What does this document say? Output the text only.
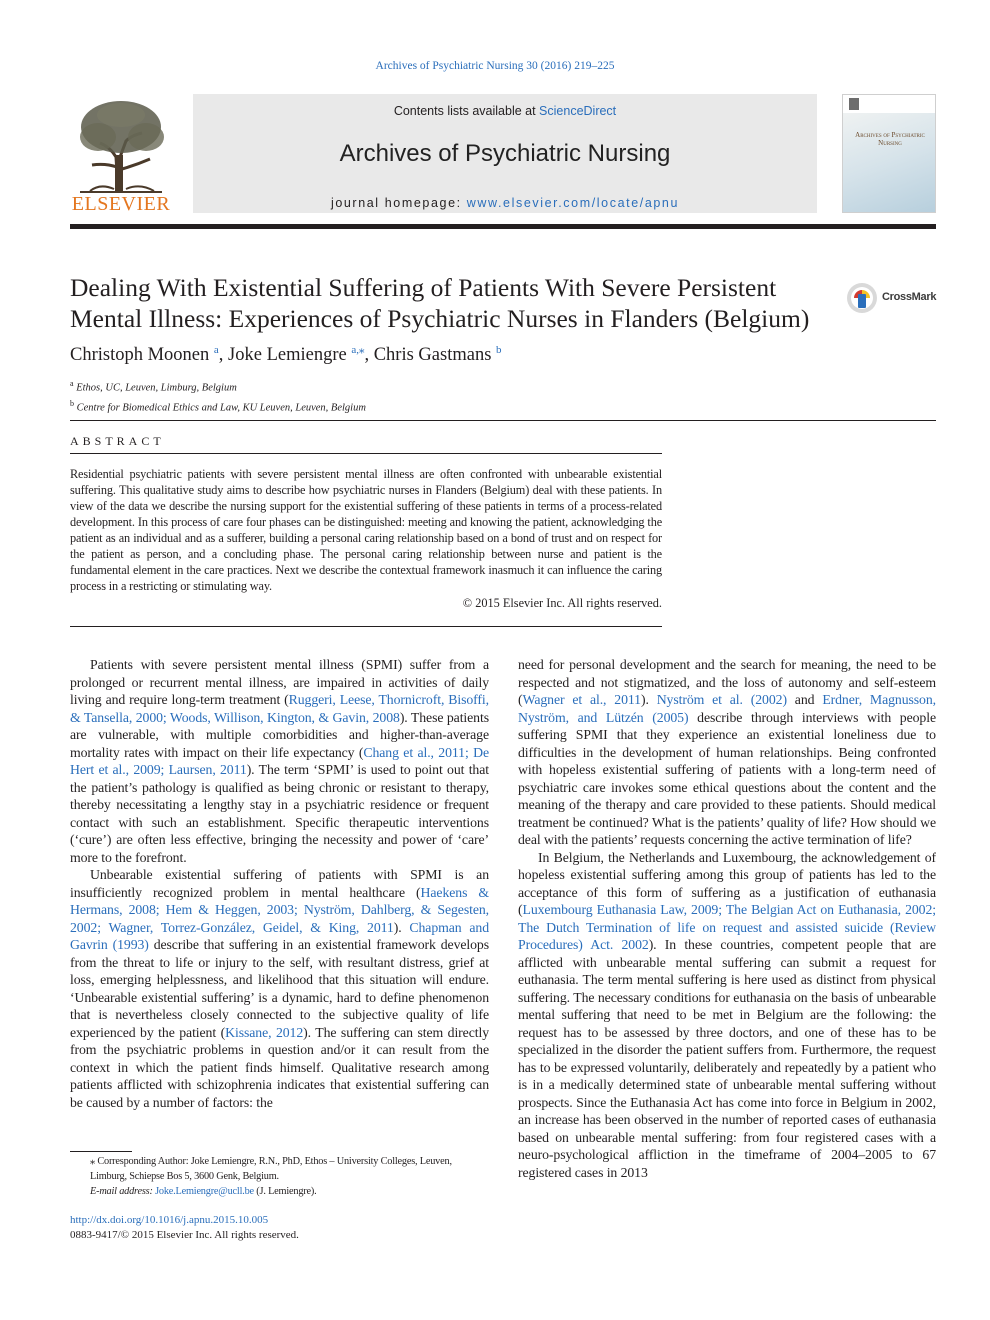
Archives of Psychiatric Nursing 30 (2016) 219–225
ELSEVIER
Contents lists available at ScienceDirect
Archives of Psychiatric Nursing
journal homepage: www.elsevier.com/locate/apnu
Archives of Psychiatric Nursing
Dealing With Existential Suffering of Patients With Severe Persistent Mental Illness: Experiences of Psychiatric Nurses in Flanders (Belgium)
CrossMark
Christoph Moonen $^a$, Joke Lemiengre $^{a,⁎}$, Chris Gastmans $^b$
$^a$ Ethos, UC, Leuven, Limburg, Belgium
$^b$ Centre for Biomedical Ethics and Law, KU Leuven, Leuven, Belgium
ABSTRACT
Residential psychiatric patients with severe persistent mental illness are often confronted with unbearable existential suffering. This qualitative study aims to describe how psychiatric nurses in Flanders (Belgium) deal with these patients. In view of the data we describe the nursing support for the existential suffering of these patients in terms of a process-related development. In this process of care four phases can be distinguished: meeting and knowing the patient, acknowledging the patient as an individual and as a sufferer, building a personal caring relationship based on a bond of trust and on respect for the patient as person, and a concluding phase. The personal caring relationship between nurse and patient is the fundamental element in the care practices. Next we describe the contextual framework inasmuch it can influence the caring process in a restricting or stimulating way.
© 2015 Elsevier Inc. All rights reserved.

Patients with severe persistent mental illness (SPMI) suffer from a prolonged or recurrent mental illness, are impaired in activities of daily living and require long-term treatment (Ruggeri, Leese, Thornicroft, Bisoffi, & Tansella, 2000; Woods, Willison, Kington, & Gavin, 2008). These patients are vulnerable, with multiple comorbidities and higher-than-average mortality rates with impact on their life expectancy (Chang et al., 2011; De Hert et al., 2009; Laursen, 2011). The term ‘SPMI’ is used to point out that the patient’s pathology is qualified as being chronic or resistant to therapy, thereby necessitating a lengthy stay in a psychiatric residence or frequent contact with such an establishment. Specific therapeutic interventions (‘cure’) are often less effective, bringing the necessity and power of ‘care’ more to the forefront.

Unbearable existential suffering of patients with SPMI is an insufficiently recognized problem in mental healthcare (Haekens & Hermans, 2008; Hem & Heggen, 2003; Nyström, Dahlberg, & Segesten, 2002; Wagner, Torrez-González, Geidel, & King, 2011). Chapman and Gavrin (1993) describe that suffering in an existential framework develops from the threat to life or injury to the self, with resultant distress, grief at loss, emerging helplessness, and likelihood that this situation will endure. ‘Unbearable existential suffering’ is a dynamic, hard to define phenomenon that is nevertheless closely connected to the subjective quality of life experienced by the patient (Kissane, 2012). The suffering can stem directly from the psychiatric problems in question and/or it can result from the context in which the patient finds himself. Qualitative research among patients afflicted with schizophrenia indicates that existential suffering can be caused by a number of factors: the

need for personal development and the search for meaning, the need to be respected and not stigmatized, and the loss of autonomy and self-esteem (Wagner et al., 2011). Nyström et al. (2002) and Erdner, Magnusson, Nyström, and Lützén (2005) describe through interviews with people suffering SPMI that they experience an existential loneliness due to difficulties in the development of human relationships. Being confronted with hopeless existential suffering of patients with a long-term need of psychiatric care invokes some ethical questions about the content and the meaning of the therapy and care provided to these patients. Should medical treatment be continued? What is the patients’ quality of life? How should we deal with the patients’ requests concerning the active termination of life?

In Belgium, the Netherlands and Luxembourg, the acknowledgement of hopeless existential suffering among this group of patients has led to the acceptance of this form of suffering as a justification of euthanasia (Luxembourg Euthanasia Law, 2009; The Belgian Act on Euthanasia, 2002; The Dutch Termination of life on request and assisted suicide (Review Procedures) Act. 2002). In these countries, competent people that are afflicted with unbearable mental suffering can submit a request for euthanasia. The term mental suffering is here used as distinct from physical suffering. The necessary conditions for euthanasia on the basis of unbearable mental suffering that need to be met in Belgium are the following: the request has to be assessed by three doctors, and one of these has to be specialized in the disorder the patient suffers from. Furthermore, the request has to be expressed voluntarily, deliberately and repeatedly by a patient who is in a medically determined state of unbearable mental suffering without prospects. Since the Euthanasia Act has come into force in Belgium in 2002, an increase has been observed in the number of reported cases of euthanasia based on unbearable mental suffering: from four registered cases with a neuro-psychological affliction in the timeframe of 2004–2005 to 67 registered cases in 2013

⁎ Corresponding Author: Joke Lemiengre, R.N., PhD, Ethos – University Colleges, Leuven, Limburg, Schiepse Bos 5, 3600 Genk, Belgium.
E-mail address: Joke.Lemiengre@ucll.be (J. Lemiengre).
http://dx.doi.org/10.1016/j.apnu.2015.10.005
0883-9417/© 2015 Elsevier Inc. All rights reserved.
